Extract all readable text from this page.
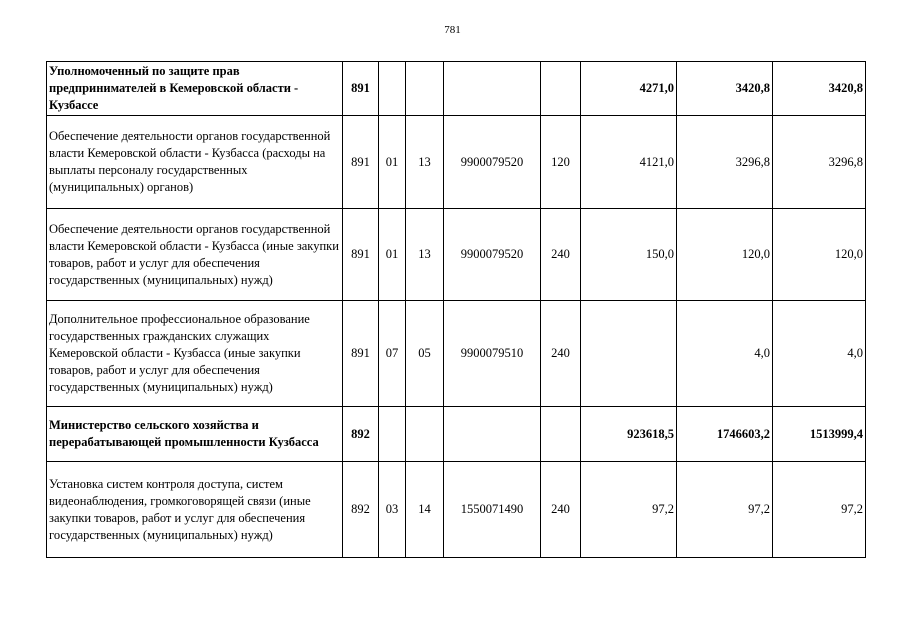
781
Уполномоченный по защите прав предпринимателей в Кемеровской области - Кузбассе	891					4271,0	3420,8	3420,8
Обеспечение деятельности органов государственной власти Кемеровской области - Кузбасса (расходы на выплаты персоналу государственных (муниципальных) органов)	891	01	13	9900079520	120	4121,0	3296,8	3296,8
Обеспечение деятельности органов государственной власти Кемеровской области - Кузбасса (иные закупки товаров, работ и услуг для обеспечения государственных (муниципальных) нужд)	891	01	13	9900079520	240	150,0	120,0	120,0
Дополнительное профессиональное образование государственных гражданских служащих Кемеровской области - Кузбасса (иные закупки товаров, работ и услуг для обеспечения государственных (муниципальных) нужд)	891	07	05	9900079510	240		4,0	4,0
Министерство сельского хозяйства и перерабатывающей промышленности Кузбасса	892					923618,5	1746603,2	1513999,4
Установка систем контроля доступа, систем видеонаблюдения, громкоговорящей связи (иные закупки товаров, работ и услуг для обеспечения государственных (муниципальных) нужд)	892	03	14	1550071490	240	97,2	97,2	97,2
